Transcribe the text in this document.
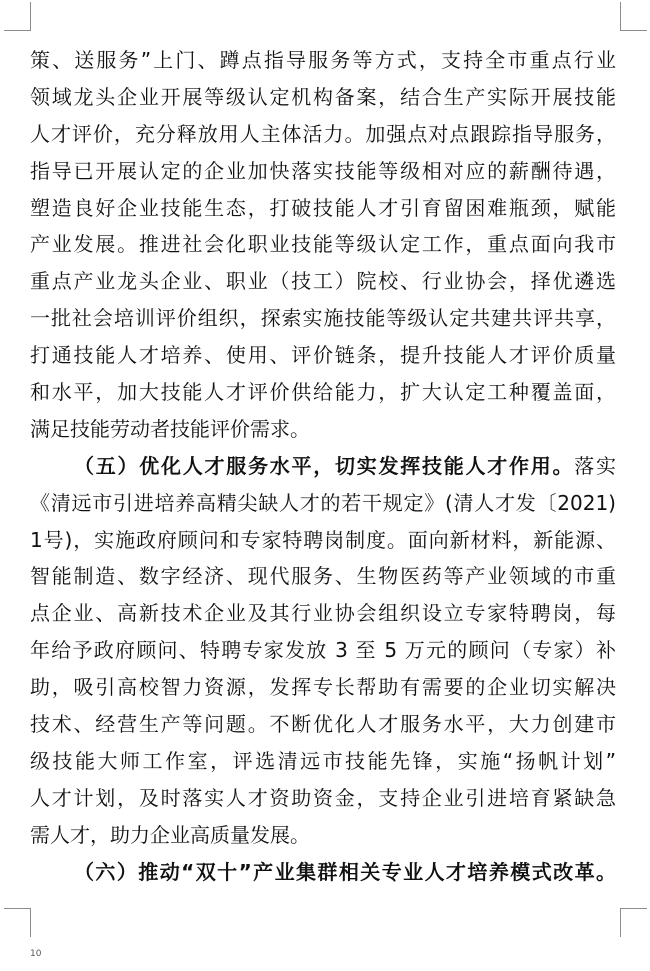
策、送服务”上门、蹲点指导服务等方式，支持全市重点行业
领域龙头企业开展等级认定机构备案，结合生产实际开展技能
人才评价，充分释放用人主体活力。加强点对点跟踪指导服务，
指导已开展认定的企业加快落实技能等级相对应的薪酬待遇，
塑造良好企业技能生态，打破技能人才引育留困难瓶颈，赋能
产业发展。推进社会化职业技能等级认定工作，重点面向我市
重点产业龙头企业、职业（技工）院校、行业协会，择优遴选
一批社会培训评价组织，探索实施技能等级认定共建共评共享，
打通技能人才培养、使用、评价链条，提升技能人才评价质量
和水平，加大技能人才评价供给能力，扩大认定工种覆盖面，
满足技能劳动者技能评价需求。
（五）优化人才服务水平，切实发挥技能人才作用。落实
《清远市引进培养高精尖缺人才的若干规定》(清人才发〔2021)
1号)，实施政府顾问和专家特聘岗制度。面向新材料，新能源、
智能制造、数字经济、现代服务、生物医药等产业领域的市重
点企业、高新技术企业及其行业协会组织设立专家特聘岗，每
年给予政府顾问、特聘专家发放 3 至 5 万元的顾问（专家）补
助，吸引高校智力资源，发挥专长帮助有需要的企业切实解决
技术、经营生产等问题。不断优化人才服务水平，大力创建市
级技能大师工作室，评选清远市技能先锋，实施“扬帆计划”
人才计划，及时落实人才资助资金，支持企业引进培育紧缺急
需人才，助力企业高质量发展。
（六）推动“双十”产业集群相关专业人才培养模式改革。
10
